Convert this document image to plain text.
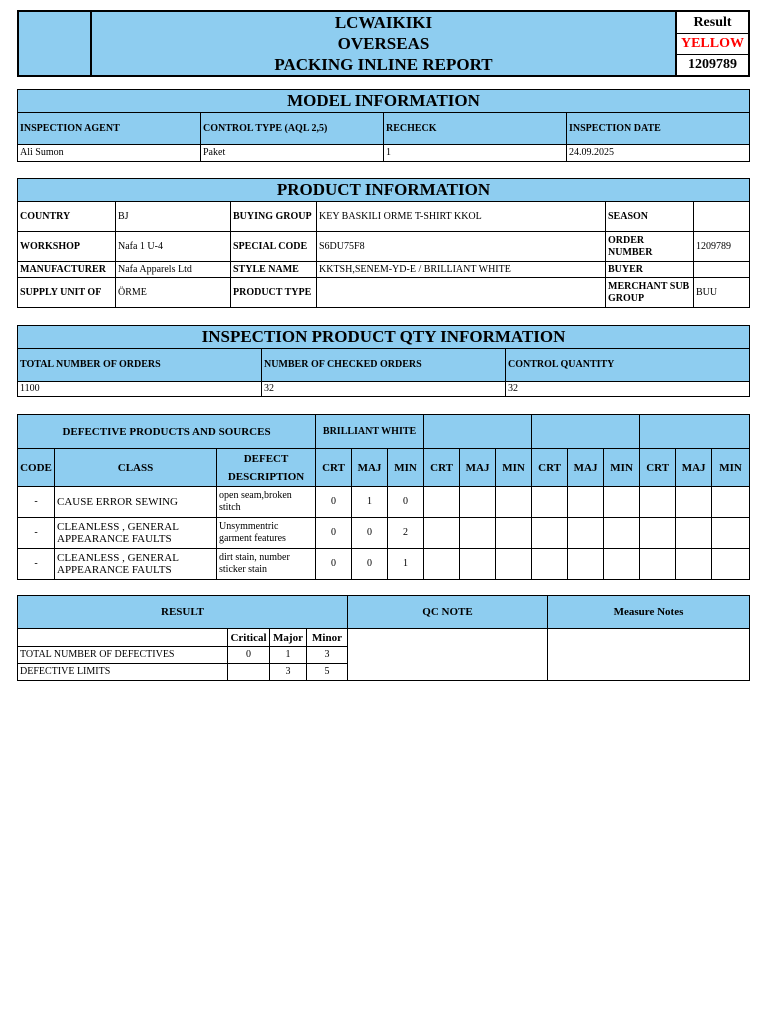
LCWAIKIKI
OVERSEAS
PACKING INLINE REPORT

Result
YELLOW
1209789
MODEL INFORMATION			
INSPECTION AGENT	CONTROL TYPE (AQL 2,5)	RECHECK	INSPECTION DATE
Ali Sumon	Paket	1	24.09.2025
PRODUCT INFORMATION					
COUNTRY	BJ	BUYING GROUP	KEY BASKILI ORME T-SHIRT KKOL	SEASON	
WORKSHOP	Nafa 1 U-4	SPECIAL CODE	S6DU75F8	ORDER NUMBER	1209789
MANUFACTURER	Nafa Apparels Ltd	STYLE NAME	KKTSH,SENEM-YD-E / BRILLIANT WHITE	BUYER	
SUPPLY UNIT OF	ÖRME	PRODUCT TYPE		MERCHANT SUB GROUP	BUU
INSPECTION PRODUCT QTY INFORMATION		
TOTAL NUMBER OF ORDERS	NUMBER OF CHECKED ORDERS	CONTROL QUANTITY
1100	32	32
DEFECTIVE PRODUCTS AND SOURCES			BRILLIANT WHITE											
CODE	CLASS	DEFECT DESCRIPTION	CRT	MAJ	MIN	CRT	MAJ	MIN	CRT	MAJ	MIN	CRT	MAJ	MIN
-	CAUSE ERROR SEWING	open seam,broken stitch	0	1	0									
-	CLEANLESS , GENERAL APPEARANCE FAULTS	Unsymmentric garment features	0	0	2									
-	CLEANLESS , GENERAL APPEARANCE FAULTS	dirt stain, number sticker stain	0	0	1									
RESULT				QC NOTE	Measure Notes
	Critical	Major	Minor		
TOTAL NUMBER OF DEFECTIVES	0	1	3		
DEFECTIVE LIMITS		3	5		
